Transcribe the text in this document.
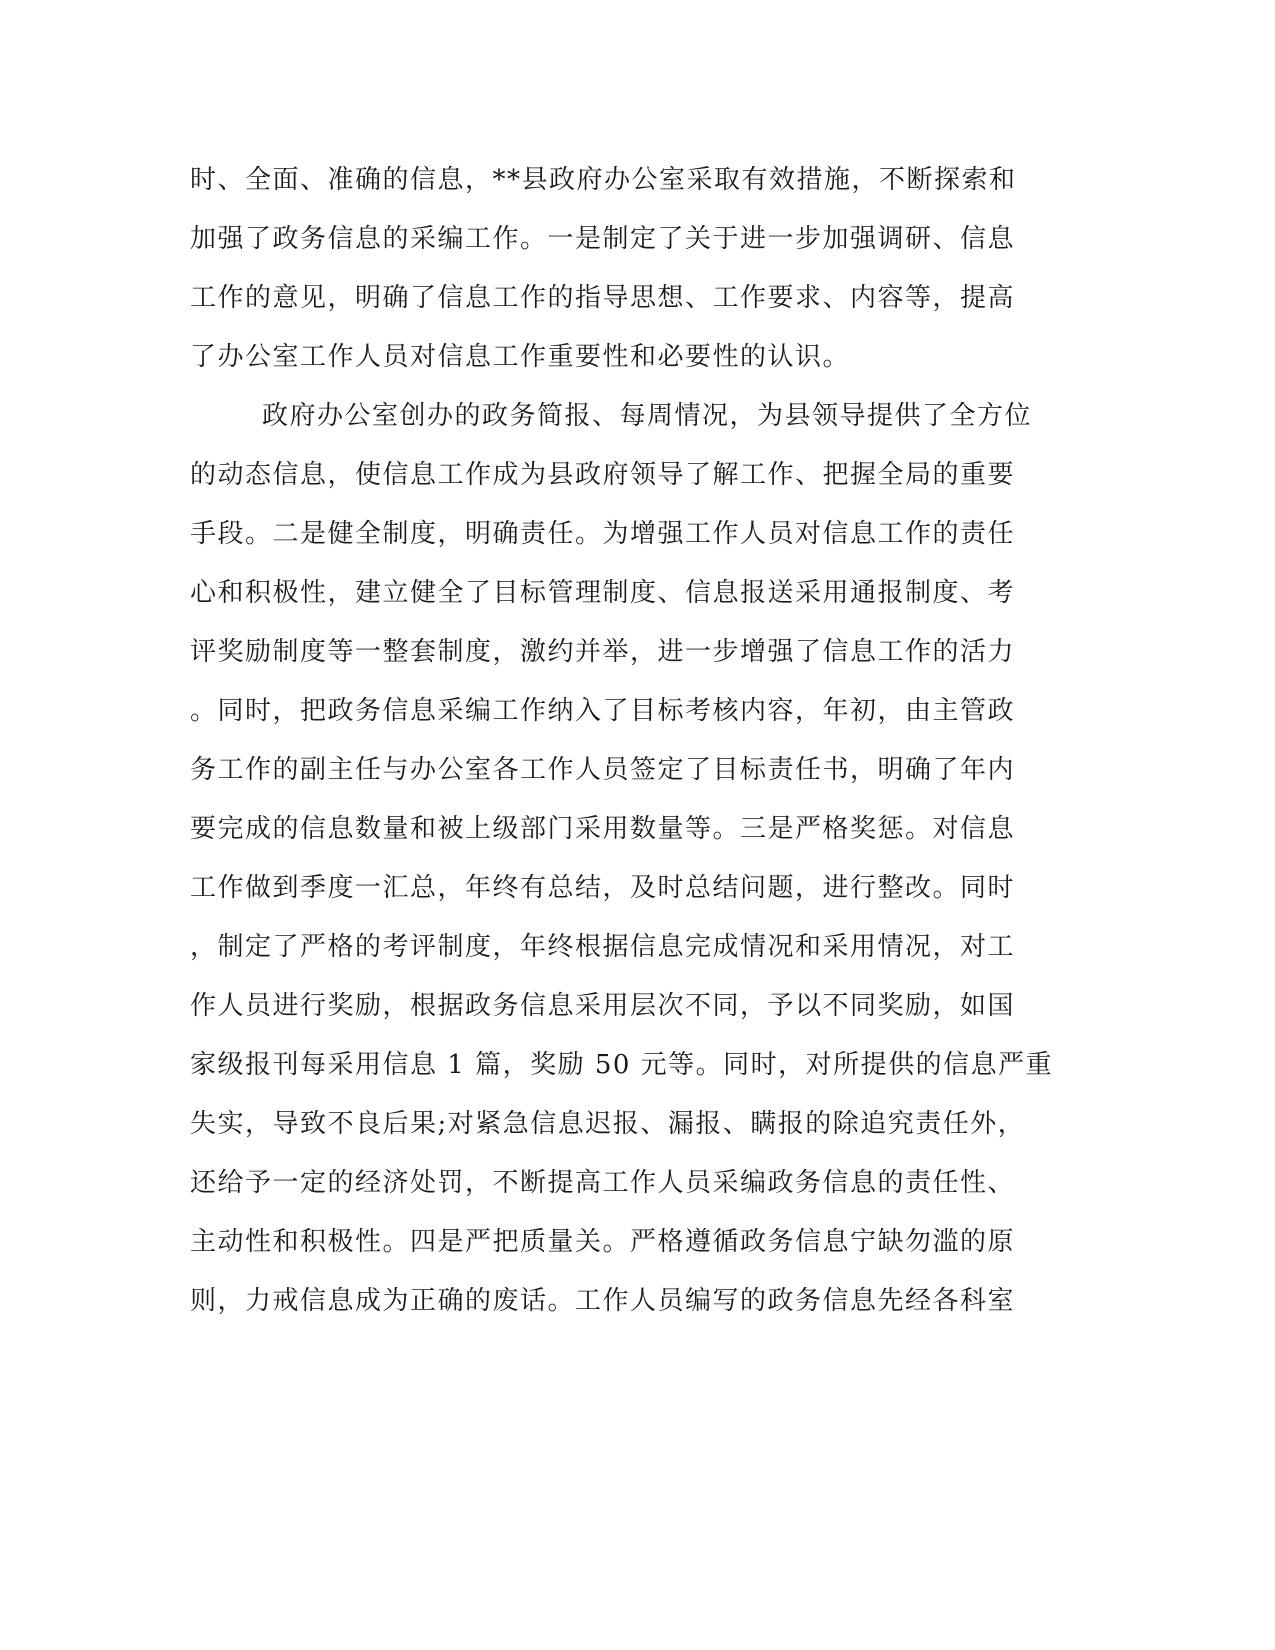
时、全面、准确的信息，**县政府办公室采取有效措施，不断探索和
加强了政务信息的采编工作。一是制定了关于进一步加强调研、信息
工作的意见，明确了信息工作的指导思想、工作要求、内容等，提高
了办公室工作人员对信息工作重要性和必要性的认识。
政府办公室创办的政务简报、每周情况，为县领导提供了全方位
的动态信息，使信息工作成为县政府领导了解工作、把握全局的重要
手段。二是健全制度，明确责任。为增强工作人员对信息工作的责任
心和积极性，建立健全了目标管理制度、信息报送采用通报制度、考
评奖励制度等一整套制度，激约并举，进一步增强了信息工作的活力
。同时，把政务信息采编工作纳入了目标考核内容，年初，由主管政
务工作的副主任与办公室各工作人员签定了目标责任书，明确了年内
要完成的信息数量和被上级部门采用数量等。三是严格奖惩。对信息
工作做到季度一汇总，年终有总结，及时总结问题，进行整改。同时
，制定了严格的考评制度，年终根据信息完成情况和采用情况，对工
作人员进行奖励，根据政务信息采用层次不同，予以不同奖励，如国
家级报刊每采用信息 1 篇，奖励 50 元等。同时，对所提供的信息严重
失实，导致不良后果;对紧急信息迟报、漏报、瞒报的除追究责任外，
还给予一定的经济处罚，不断提高工作人员采编政务信息的责任性、
主动性和积极性。四是严把质量关。严格遵循政务信息宁缺勿滥的原
则，力戒信息成为正确的废话。工作人员编写的政务信息先经各科室
